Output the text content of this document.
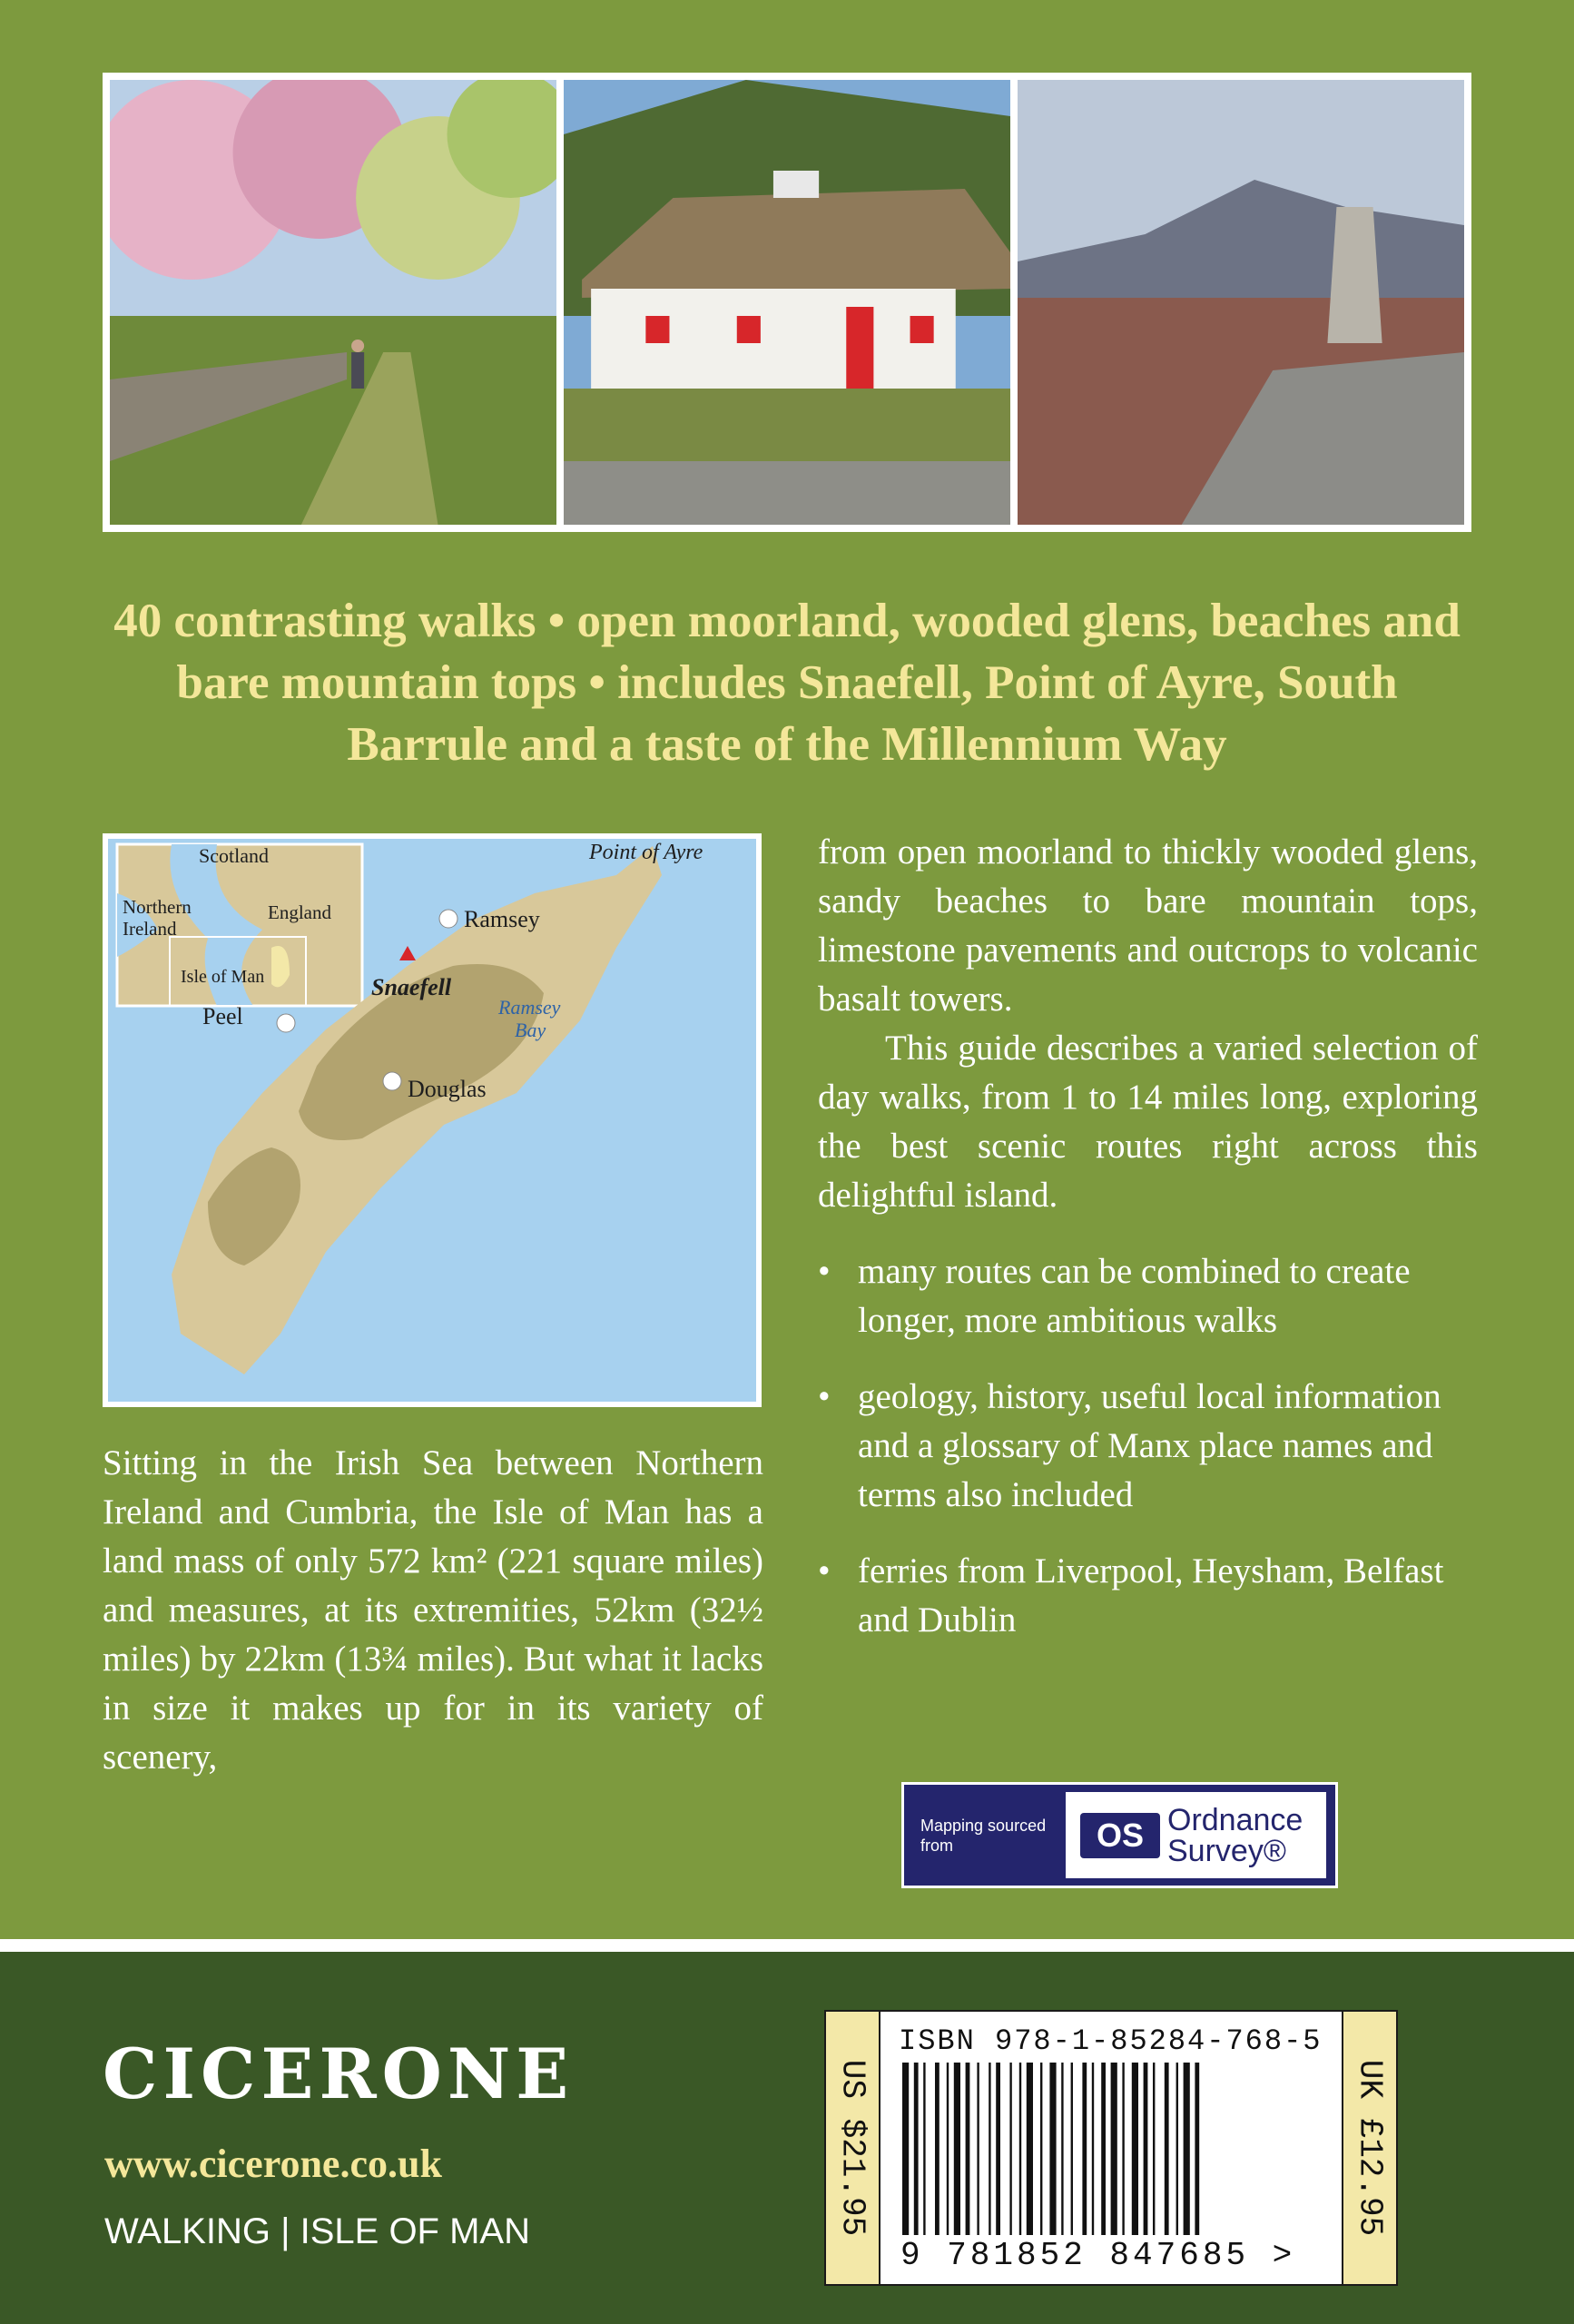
40 contrasting walks • open moorland, wooded glens, beaches and bare mountain tops • includes Snaefell, Point of Ayre, South Barrule and a taste of the Millennium Way
Scotland
Northern Ireland
England
Isle of Man	Snaefell
Point of Ayre
Ramsey
Ramsey
Bay
Peel
Douglas
Sitting in the Irish Sea between Northern Ireland and Cumbria, the Isle of Man has a land mass of only 572 km² (221 square miles) and measures, at its extremities, 52km (32½ miles) by 22km (13¾ miles). But what it lacks in size it makes up for in its variety of scenery,

from open moorland to thickly wooded glens, sandy beaches to bare mountain tops, limestone pavements and outcrops to volcanic basalt towers.

This guide describes a varied selection of day walks, from 1 to 14 miles long, exploring the best scenic routes right across this delightful island.

• many routes can be combined to create longer, more ambitious walks
• geology, history, useful local information and a glossary of Manx place names and terms also included
• ferries from Liverpool, Heysham, Belfast and Dublin
Mapping sourced from	OS Ordnance
Survey®
CICERONE
www.cicerone.co.uk
WALKING | ISLE OF MAN	US $21.95
ISBN 978-1-85284-768-5
9 781852 847685 >
UK £12.95
